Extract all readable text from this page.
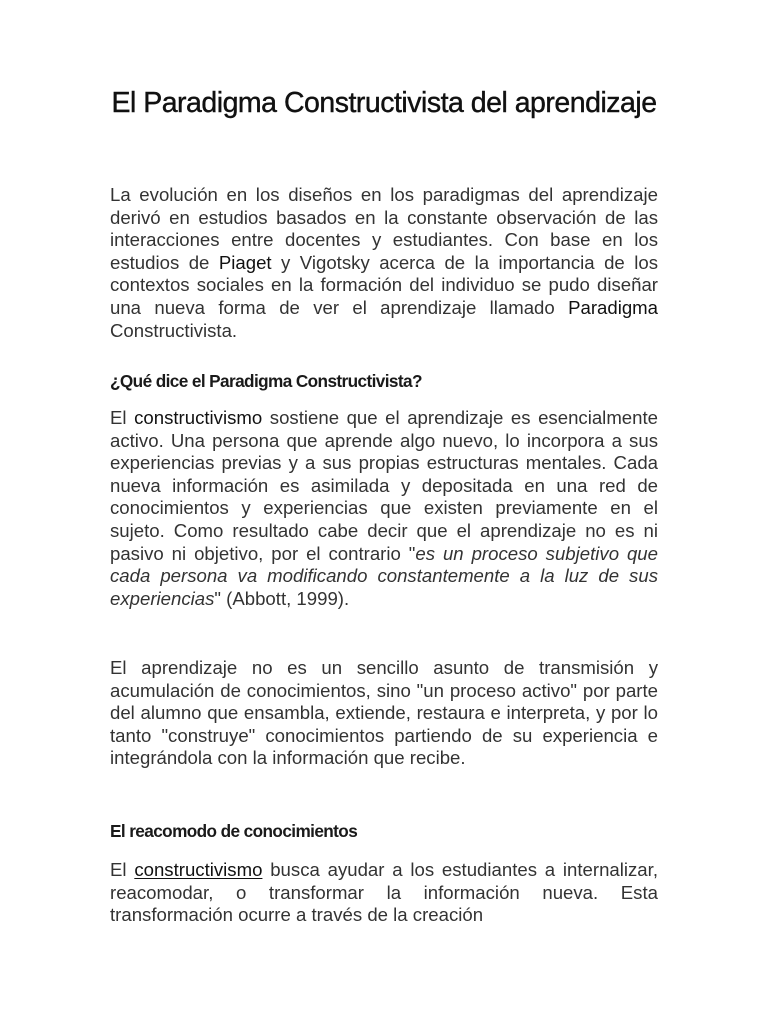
El Paradigma Constructivista del aprendizaje

La evolución en los diseños en los paradigmas del aprendizaje derivó en estudios basados en la constante observación de las interacciones entre docentes y estudiantes. Con base en los estudios de Piaget y Vigotsky acerca de la importancia de los contextos sociales en la formación del individuo se pudo diseñar una nueva forma de ver el aprendizaje llamado Paradigma Constructivista.

¿Qué dice el Paradigma Constructivista?

El constructivismo sostiene que el aprendizaje es esencialmente activo. Una persona que aprende algo nuevo, lo incorpora a sus experiencias previas y a sus propias estructuras mentales. Cada nueva información es asimilada y depositada en una red de conocimientos y experiencias que existen previamente en el sujeto. Como resultado cabe decir que el aprendizaje no es ni pasivo ni objetivo, por el contrario "es un proceso subjetivo que cada persona va modificando constantemente a la luz de sus experiencias" (Abbott, 1999).

El aprendizaje no es un sencillo asunto de transmisión y acumulación de conocimientos, sino "un proceso activo" por parte del alumno que ensambla, extiende, restaura e interpreta, y por lo tanto "construye" conocimientos partiendo de su experiencia e integrándola con la información que recibe.

El reacomodo de conocimientos

El constructivismo busca ayudar a los estudiantes a internalizar, reacomodar, o transformar la información nueva. Esta transformación ocurre a través de la creación
